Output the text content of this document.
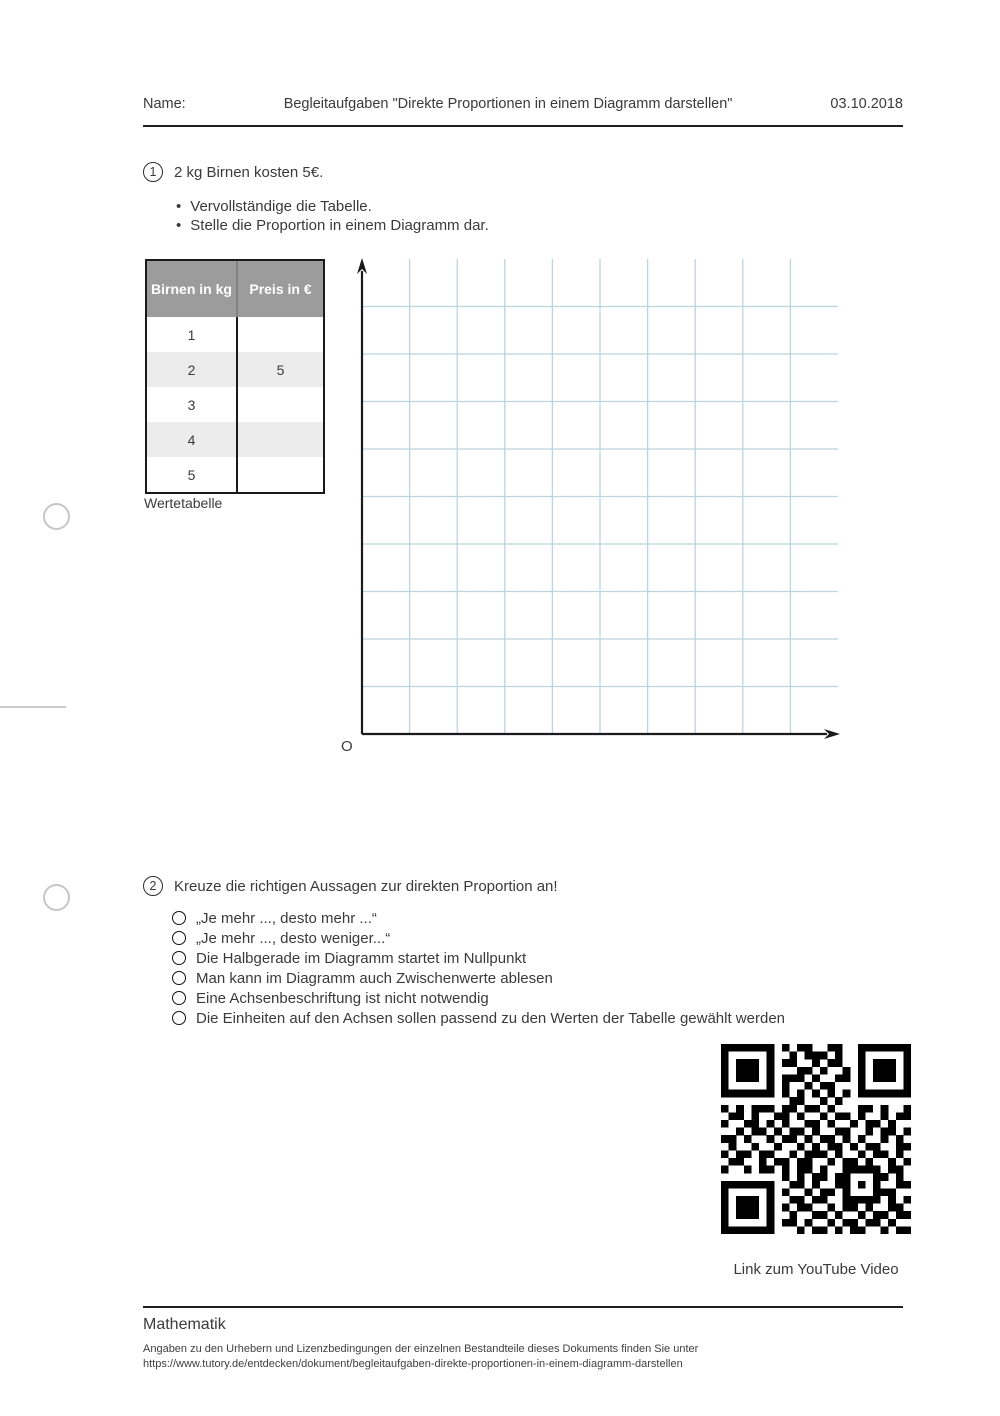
Name:	Begleitaufgaben "Direkte Proportionen in einem Diagramm darstellen"	03.10.2018
1	2 kg Birnen kosten 5€.
•
Vervollständige die Tabelle.
•
Stelle die Proportion in einem Diagramm dar.
Birnen in kg	Preis in €
1
2	5
3
4
5
Wertetabelle
O
2	Kreuze die richtigen Aussagen zur direkten Proportion an!
„Je mehr ..., desto mehr ...“
„Je mehr ..., desto weniger...“
Die Halbgerade im Diagramm startet im Nullpunkt
Man kann im Diagramm auch Zwischenwerte ablesen
Eine Achsenbeschriftung ist nicht notwendig
Die Einheiten auf den Achsen sollen passend zu den Werten der Tabelle gewählt werden
Link zum YouTube Video
Mathematik
Angaben zu den Urhebern und Lizenzbedingungen der einzelnen Bestandteile dieses Dokuments finden Sie unter
https://www.tutory.de/entdecken/dokument/begleitaufgaben-direkte-proportionen-in-einem-diagramm-darstellen
